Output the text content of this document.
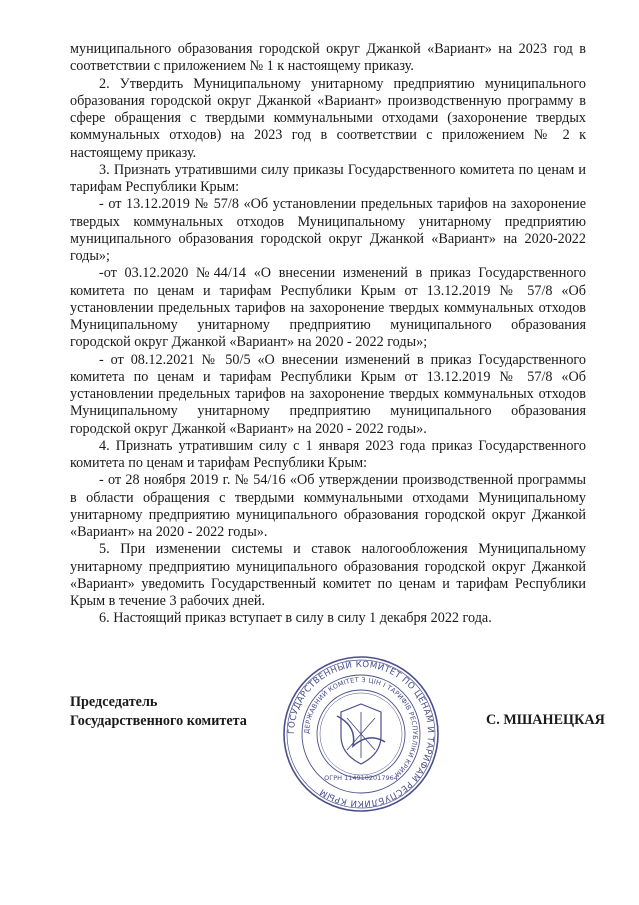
муниципального образования городской округ Джанкой «Вариант» на 2023 год в соответствии с приложением № 1 к настоящему приказу.

2. Утвердить Муниципальному унитарному предприятию муниципального образования городской округ Джанкой «Вариант» производственную программу в сфере обращения с твердыми коммунальными отходами (захоронение твердых коммунальных отходов) на 2023 год в соответствии с приложением № 2 к настоящему приказу.

3. Признать утратившими силу приказы Государственного комитета по ценам и тарифам Республики Крым:

- от 13.12.2019 № 57/8 «Об установлении предельных тарифов на захоронение твердых коммунальных отходов Муниципальному унитарному предприятию муниципального образования городской округ Джанкой «Вариант» на 2020-2022 годы»;

-от 03.12.2020 №44/14 «О внесении изменений в приказ Государственного комитета по ценам и тарифам Республики Крым от 13.12.2019 № 57/8 «Об установлении предельных тарифов на захоронение твердых коммунальных отходов Муниципальному унитарному предприятию муниципального образования городской округ Джанкой «Вариант» на 2020 - 2022 годы»;

- от 08.12.2021 № 50/5 «О внесении изменений в приказ Государственного комитета по ценам и тарифам Республики Крым от 13.12.2019 № 57/8 «Об установлении предельных тарифов на захоронение твердых коммунальных отходов Муниципальному унитарному предприятию муниципального образования городской округ Джанкой «Вариант» на 2020 - 2022 годы».

4. Признать утратившим силу с 1 января 2023 года приказ Государственного комитета по ценам и тарифам Республики Крым:

- от 28 ноября 2019 г. № 54/16 «Об утверждении производственной программы в области обращения с твердыми коммунальными отходами Муниципальному унитарному предприятию муниципального образования городской округ Джанкой «Вариант» на 2020 - 2022 годы».

5. При изменении системы и ставок налогообложения Муниципальному унитарному предприятию муниципального образования городской округ Джанкой «Вариант» уведомить Государственный комитет по ценам и тарифам Республики Крым в течение 3 рабочих дней.

6. Настоящий приказ вступает в силу в силу 1 декабря 2022 года.

Председатель
Государственного комитета
ГОСУДАРСТВЕННЫЙ КОМИТЕТ ПО ЦЕНАМ И ТАРИФАМ РЕСПУБЛИКИ КРЫМ
ДЕРЖАВНИЙ КОМІТЕТ З ЦІН І ТАРИФІВ РЕСПУБЛІКИ КРИМ
ОГРН 1149102017964
С. МШАНЕЦКАЯ
